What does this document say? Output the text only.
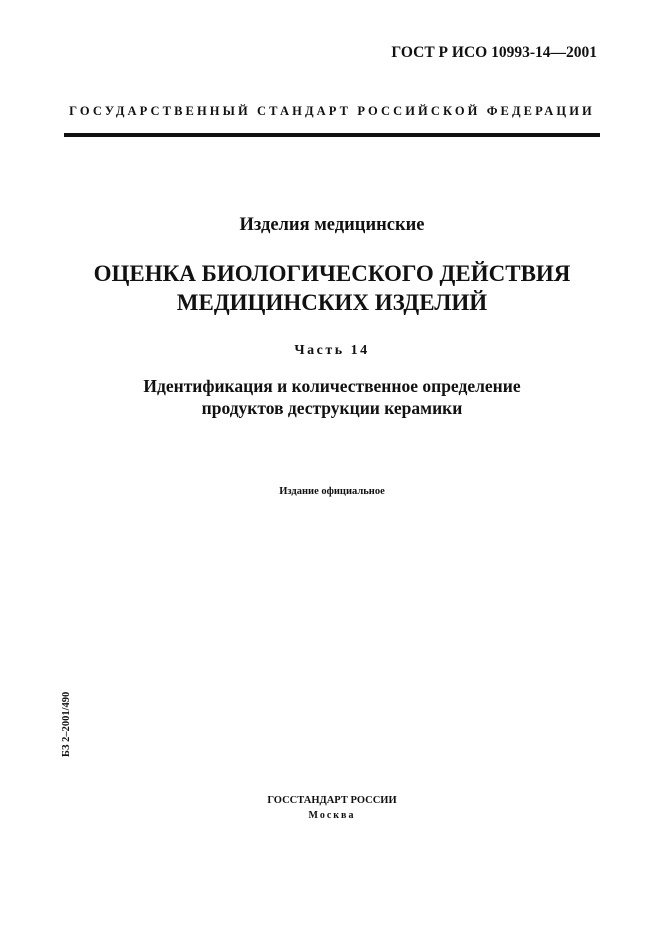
ГОСТ Р ИСО 10993-14—2001
ГОСУДАРСТВЕННЫЙ СТАНДАРТ РОССИЙСКОЙ ФЕДЕРАЦИИ
Изделия медицинские
ОЦЕНКА БИОЛОГИЧЕСКОГО ДЕЙСТВИЯ
МЕДИЦИНСКИХ ИЗДЕЛИЙ
Часть 14
Идентификация и количественное определение
продуктов деструкции керамики
Издание официальное
БЗ 2–2001/490
ГОССТАНДАРТ РОССИИ
Москва
